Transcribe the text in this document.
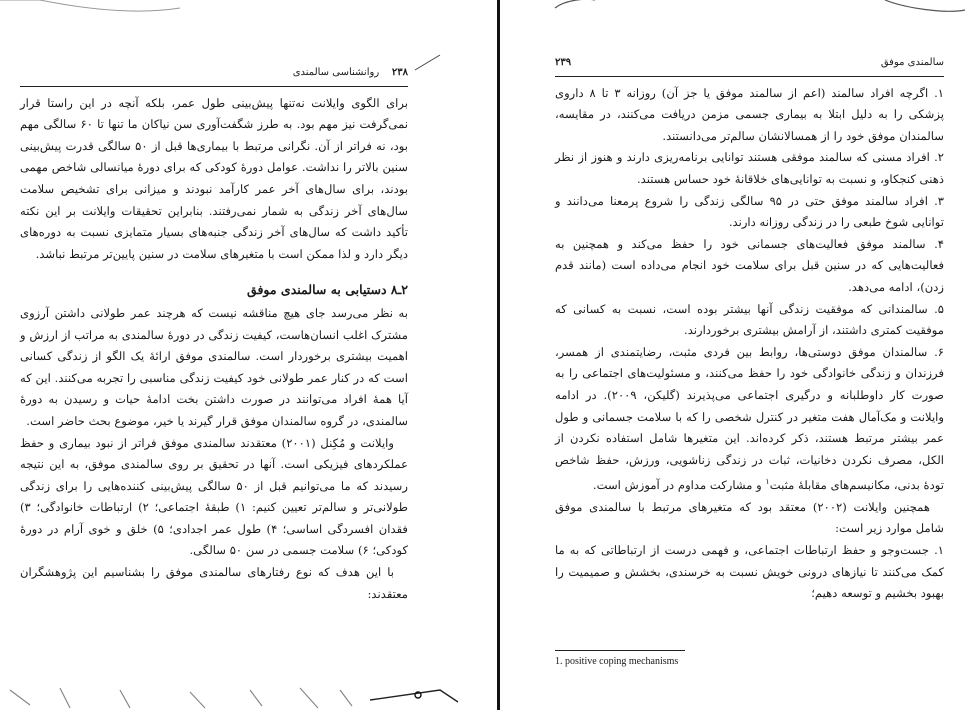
۲۳۸    روانشناسی سالمندی

برای الگوی وایلانت نه‌تنها پیش‌بینی طول عمر، بلکه آنچه در این راستا قرار نمی‌گرفت نیز مهم بود. به طرز شگفت‌آوری سن نیاکان ما تنها تا ۶۰ سالگی مهم بود، نه فراتر از آن. نگرانی مرتبط با بیماری‌ها قبل از ۵۰ سالگی قدرت پیش‌بینی سنین بالاتر را نداشت. عوامل دورهٔ کودکی که برای دورهٔ میانسالی شاخص مهمی بودند، برای سال‌های آخر عمر کارآمد نبودند و میزانی برای تشخیص سلامت سال‌های آخر زندگی به شمار نمی‌رفتند. بنابراین تحقیقات وایلانت بر این نکته تأکید داشت که سال‌های آخر زندگی جنبه‌های بسیار متمایزی نسبت به دوره‌های دیگر دارد و لذا ممکن است با متغیرهای سلامت در سنین پایین‌تر مرتبط نباشد.

۲ـ۸ دستیابی به سالمندی موفق

به نظر می‌رسد جای هیچ مناقشه نیست که هرچند عمر طولانی داشتن آرزوی مشترک اغلب انسان‌هاست، کیفیت زندگی در دورهٔ سالمندی به مراتب از ارزش و اهمیت بیشتری برخوردار است. سالمندی موفق ارائهٔ یک الگو از زندگی کسانی است که در کنار عمر طولانی خود کیفیت زندگی مناسبی را تجربه می‌کنند. این که آیا همهٔ افراد می‌توانند در صورت داشتن بخت ادامهٔ حیات و رسیدن به دورهٔ سالمندی، در گروه سالمندان موفق قرار گیرند یا خیر، موضوع بحث حاضر است.

وایلانت و مُکِنل (۲۰۰۱) معتقدند سالمندی موفق فراتر از نبود بیماری و حفظ عملکردهای فیزیکی است. آنها در تحقیق بر روی سالمندی موفق، به این نتیجه رسیدند که ما می‌توانیم قبل از ۵۰ سالگی پیش‌بینی کننده‌هایی را برای زندگی طولانی‌تر و سالم‌تر تعیین کنیم: ۱) طبقهٔ اجتماعی؛ ۲) ارتباطات خانوادگی؛ ۳) فقدان افسردگی اساسی؛ ۴) طول عمر اجدادی؛ ۵) خلق و خوی آرام در دورهٔ کودکی؛ ۶) سلامت جسمی در سن ۵۰ سالگی.

با این هدف که نوع رفتارهای سالمندی موفق را بشناسیم این پژوهشگران معتقدند:

سالمندی موفق
۲۳۹

۱. اگرچه افراد سالمند (اعم از سالمند موفق یا جز آن) روزانه ۳ تا ۸ داروی پزشکی را به دلیل ابتلا به بیماری جسمی مزمن دریافت می‌کنند، در مقایسه، سالمندان موفق خود را از همسالانشان سالم‌تر می‌دانستند.

۲. افراد مسنی که سالمند موفقی هستند توانایی برنامه‌ریزی دارند و هنوز از نظر ذهنی کنجکاو، و نسبت به توانایی‌های خلاقانهٔ خود حساس هستند.

۳. افراد سالمند موفق حتی در ۹۵ سالگی زندگی را شروع پرمعنا می‌دانند و توانایی شوخ طبعی را در زندگی روزانه دارند.

۴. سالمند موفق فعالیت‌های جسمانی خود را حفظ می‌کند و همچنین به فعالیت‌هایی که در سنین قبل برای سلامت خود انجام می‌داده است (مانند قدم زدن)، ادامه می‌دهد.

۵. سالمندانی که موفقیت زندگی آنها بیشتر بوده است، نسبت به کسانی که موفقیت کمتری داشتند، از آرامش بیشتری برخوردارند.

۶. سالمندان موفق دوستی‌ها، روابط بین فردی مثبت، رضایتمندی از همسر، فرزندان و زندگی خانوادگی خود را حفظ می‌کنند، و مسئولیت‌های اجتماعی را به صورت کار داوطلبانه و درگیری اجتماعی می‌پذیرند (گلیکن، ۲۰۰۹). در ادامه وایلانت و مک‌آمال هفت متغیر در کنترل شخصی را که با سلامت جسمانی و طول عمر بیشتر مرتبط هستند، ذکر کرده‌اند. این متغیرها شامل استفاده نکردن از الکل، مصرف نکردن دخانیات، ثبات در زندگی زناشویی، ورزش، حفظ شاخص تودهٔ بدنی، مکانیسم‌های مقابلهٔ مثبت$^۱$ و مشارکت مداوم در آموزش است.

همچنین وایلانت (۲۰۰۲) معتقد بود که متغیرهای مرتبط با سالمندی موفق شامل موارد زیر است:

۱. جست‌وجو و حفظ ارتباطات اجتماعی، و فهمی درست از ارتباطاتی که به ما کمک می‌کنند تا نیازهای درونی خویش نسبت به خرسندی، بخشش و صمیمیت را بهبود بخشیم و توسعه دهیم؛

1. positive coping mechanisms
